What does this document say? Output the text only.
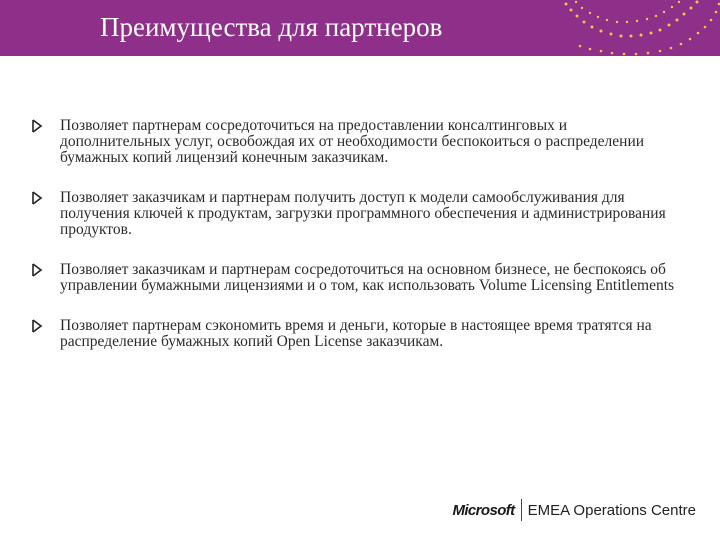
Преимущества для партнеров
Позволяет партнерам сосредоточиться на предоставлении консалтинговых и дополнительных услуг, освобождая их от необходимости беспокоиться о распределении бумажных копий лицензий конечным заказчикам.
Позволяет заказчикам и партнерам получить доступ к модели самообслуживания для получения ключей к продуктам, загрузки программного обеспечения и администрирования продуктов.
Позволяет заказчикам и партнерам сосредоточиться на основном бизнесе, не беспокоясь об управлении бумажными лицензиями и о том, как использовать Volume Licensing Entitlements
Позволяет партнерам сэкономить время и деньги, которые в настоящее время тратятся на распределение бумажных копий Open License заказчикам.
Microsoft EMEA Operations Centre
